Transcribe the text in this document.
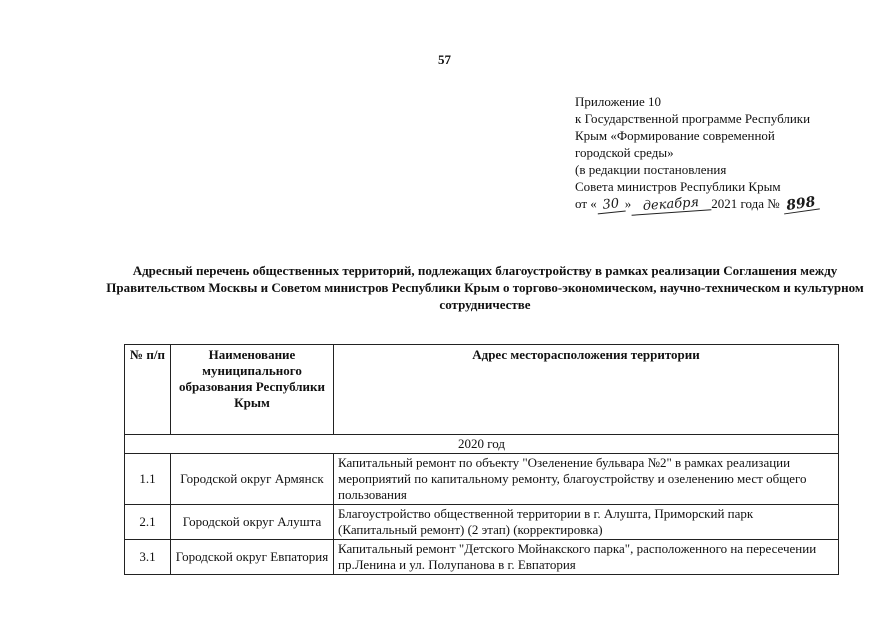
57
Приложение 10
к Государственной программе Республики
Крым «Формирование современной
городской среды»
(в редакции постановления
Совета министров Республики Крым
от « 30 » декабря 2021 года № 898
Адресный перечень общественных территорий, подлежащих благоустройству в рамках реализации Соглашения между Правительством Москвы и Советом министров Республики Крым о торгово-экономическом, научно-техническом и культурном сотрудничестве
№ п/п	Наименование муниципального образования Республики Крым	Адрес месторасположения территории
2020 год		
1.1	Городской округ Армянск	Капитальный ремонт по объекту "Озеленение бульвара №2" в рамках реализации мероприятий по капитальному ремонту, благоустройству и озеленению мест общего пользования
2.1	Городской округ Алушта	Благоустройство общественной территории в г. Алушта, Приморский парк (Капитальный ремонт) (2 этап) (корректировка)
3.1	Городской округ Евпатория	Капитальный ремонт "Детского Мойнакского парка", расположенного на пересечении пр.Ленина и ул. Полупанова в г. Евпатория
